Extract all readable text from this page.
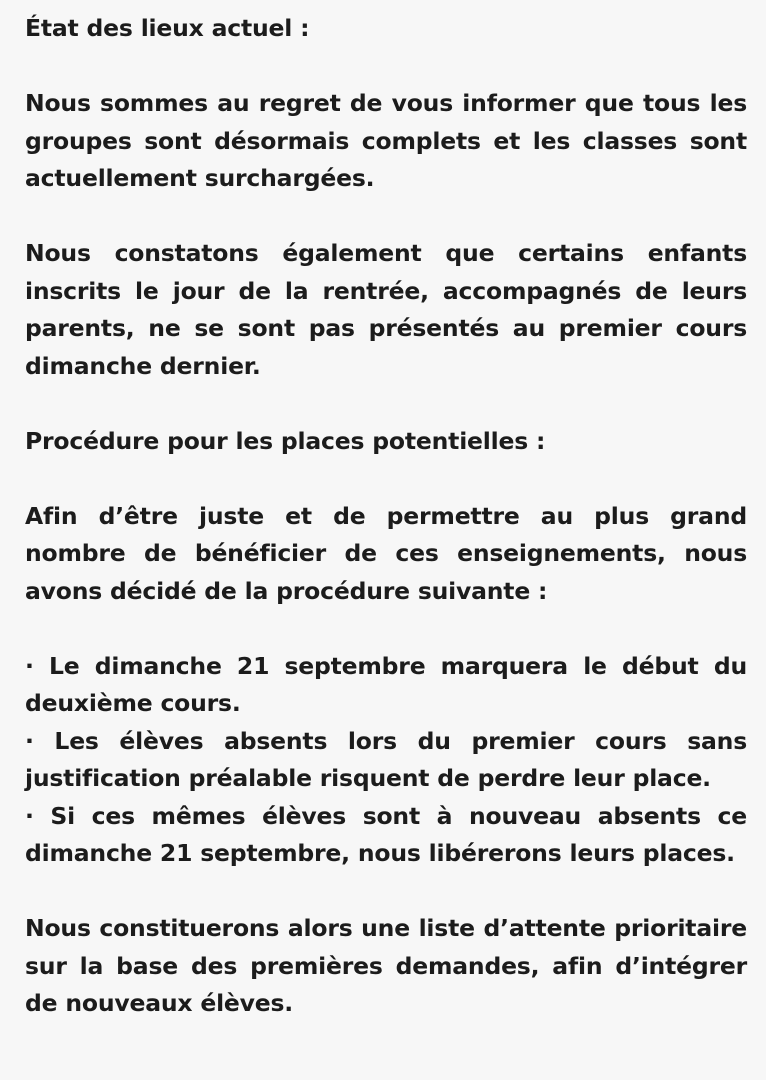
État des lieux actuel :
Nous sommes au regret de vous informer que tous les groupes sont désormais complets et les classes sont actuellement surchargées.
Nous constatons également que certains enfants inscrits le jour de la rentrée, accompagnés de leurs parents, ne se sont pas présentés au premier cours dimanche dernier.
Procédure pour les places potentielles :
Afin d’être juste et de permettre au plus grand nombre de bénéficier de ces enseignements, nous avons décidé de la procédure suivante :
· Le dimanche 21 septembre marquera le début du deuxième cours.
· Les élèves absents lors du premier cours sans justification préalable risquent de perdre leur place.
· Si ces mêmes élèves sont à nouveau absents ce dimanche 21 septembre, nous libérerons leurs places.
Nous constituerons alors une liste d’attente prioritaire sur la base des premières demandes, afin d’intégrer de nouveaux élèves.
